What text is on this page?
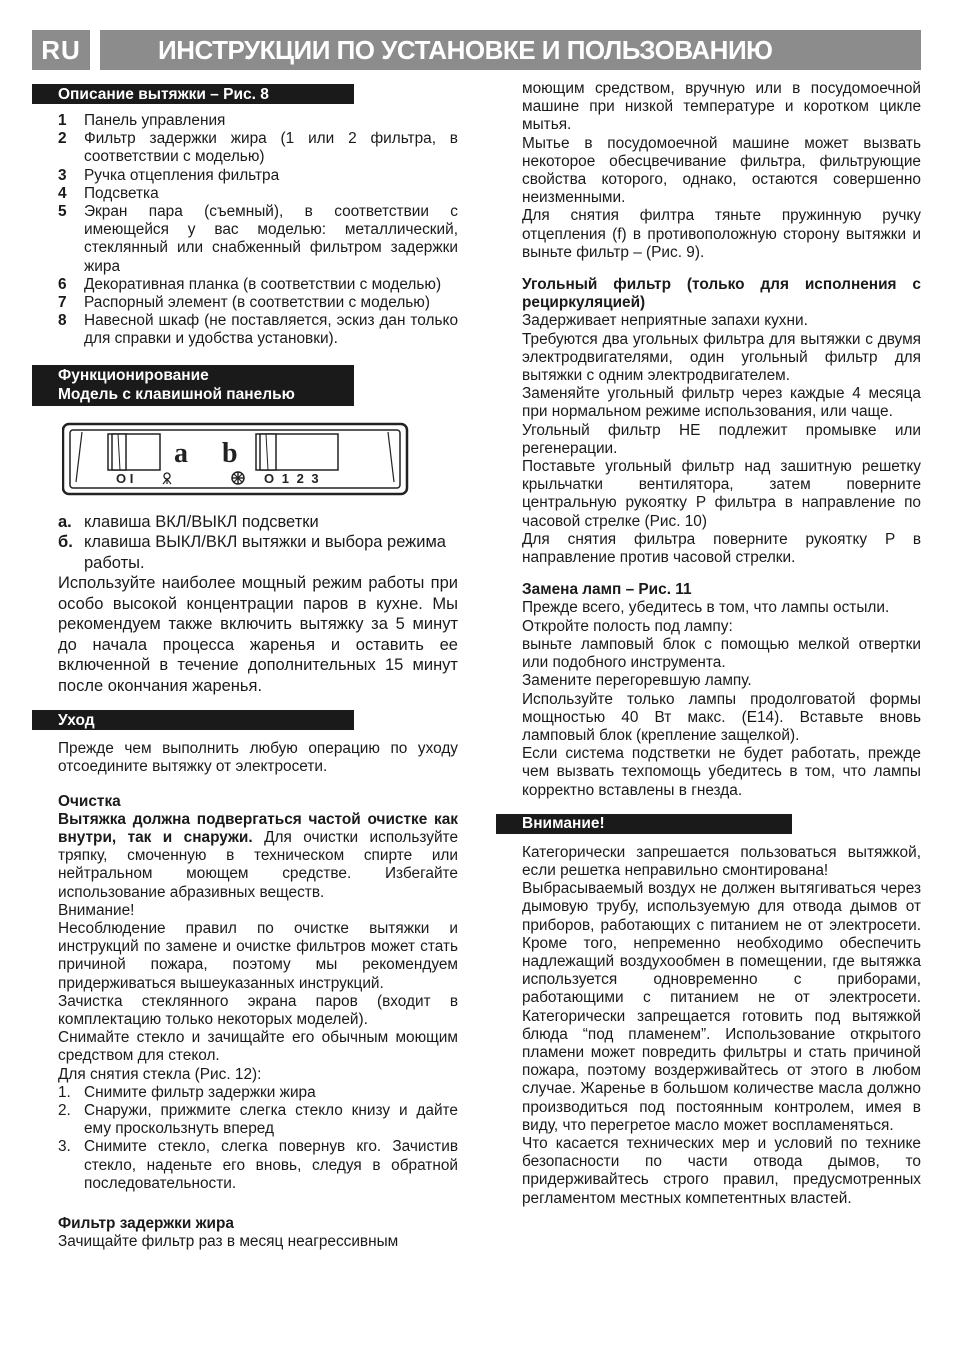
RU	ИНСТРУКЦИИ ПО УСТАНОВКЕ И ПОЛЬЗОВАНИЮ
Описание вытяжки – Рис. 8
1	Панель управления
2	Фильтр задержки жира (1 или 2 фильтра, в соответствии с моделью)
3	Ручка отцепления фильтра
4	Подсветка
5	Экран пара (съемный), в соответствии с имеющейся у вас моделью: металлический, стеклянный или снабженный фильтром задержки жира
6	Декоративная планка (в соответствии с моделью)
7	Распорный элемент (в соответствии с моделью)
8	Навесной шкаф (не поставляется, эскиз дан только для справки и удобства установки).
Функционирование
Модель с клавишной панелью
a b
O I	O 1 2 3
а. клавиша ВКЛ/ВЫКЛ подсветки
б. клавиша ВЫКЛ/ВКЛ вытяжки и выбора режима работы.

Используйте наиболее мощный режим работы при особо высокой концентрации паров в кухне. Мы рекомендуем также включить вытяжку за 5 минут до начала процесса жаренья и оставить ее включенной в течение дополнительных 15 минут после окончания жаренья.

Уход

Прежде чем выполнить любую операцию по уходу отсоедините вытяжку от электросети.

Очистка

Вытяжка должна подвергаться частой очистке как внутри, так и снаружи. Для очистки используйте тряпку, смоченную в техническом спирте или нейтральном моющем средстве. Избегайте использование абразивных веществ.

Внимание!

Несоблюдение правил по очистке вытяжки и инструкций по замене и очистке фильтров может стать причиной пожара, поэтому мы рекомендуем придерживаться вышеуказанных инструкций.

Зачистка стеклянного экрана паров (входит в комплектацию только некоторых моделей).

Снимайте стекло и зачищайте его обычным моющим средством для стекол.

Для снятия стекла (Рис. 12):

1. Снимите фильтр задержки жира
2. Снаружи, прижмите слегка стекло книзу и дайте ему проскользнуть вперед
3. Снимите стекло, слегка повернув кго. Зачистив стекло, наденьте его вновь, следуя в обратной последовательности.
Фильтр задержки жира

Зачищайте фильтр раз в месяц неагрессивным

моющим средством, вручную или в посудомоечной машине при низкой температуре и коротком цикле мытья.

Мытье в посудомоечной машине может вызвать некоторое обесцвечивание фильтра, фильтрующие свойства которого, однако, остаются совершенно неизменными.

Для снятия филтра тяньте пружинную ручку отцепления (f) в противоположную сторону вытяжки и выньте фильтр – (Рис. 9).

Угольный фильтр (только для исполнения с рециркуляцией)

Задерживает неприятные запахи кухни.

Требуются два угольных фильтра для вытяжки с двумя электродвигателями, один угольный фильтр для вытяжки с одним электродвигателем.

Заменяйте угольный фильтр через каждые 4 месяца при нормальном режиме использования, или чаще.

Угольный фильтр НЕ подлежит промывке или регенерации.

Поставьте угольный фильтр над зашитную решетку крыльчатки вентилятора, затем поверните центральную рукоятку P фильтра в направление по часовой стрелке (Рис. 10)

Для снятия фильтра поверните рукоятку P в направление против часовой стрелки.

Замена ламп – Рис. 11

Прежде всего, убедитесь в том, что лампы остыли.

Откройте полость под лампу:

выньте ламповый блок с помощью мелкой отвертки или подобного инструмента.

Замените перегоревшую лампу.

Используйте только лампы продолговатой формы мощностью 40 Вт макс. (E14). Вставьте вновь ламповый блок (крепление защелкой).

Если система подстветки не будет работать, прежде чем вызвать техпомощь убедитесь в том, что лампы корректно вставлены в гнезда.

Внимание!

Категорически запрешается пользоваться вытяжкой, если решетка неправильно смонтирована!

Выбрасываемый воздух не должен вытягиваться через дымовую трубу, используемую для отвода дымов от приборов, работающих с питанием не от электросети. Кроме того, непременно необходимо обеспечить надлежащий воздухообмен в помещении, где вытяжка используется одновременно с приборами, работающими с питанием не от электросети. Категорически запрещается готовить под вытяжкой блюда “под пламенем”. Использование открытого пламени может повредить фильтры и стать причиной пожара, поэтому воздерживайтесь от этого в любом случае. Жаренье в большом количестве масла должно производиться под постоянным контролем, имея в виду, что перегретое масло может воспламеняться.

Что касается технических мер и условий по технике безопасности по части отвода дымов, то придерживайтесь строго правил, предусмотренных регламентом местных компетентных властей.
